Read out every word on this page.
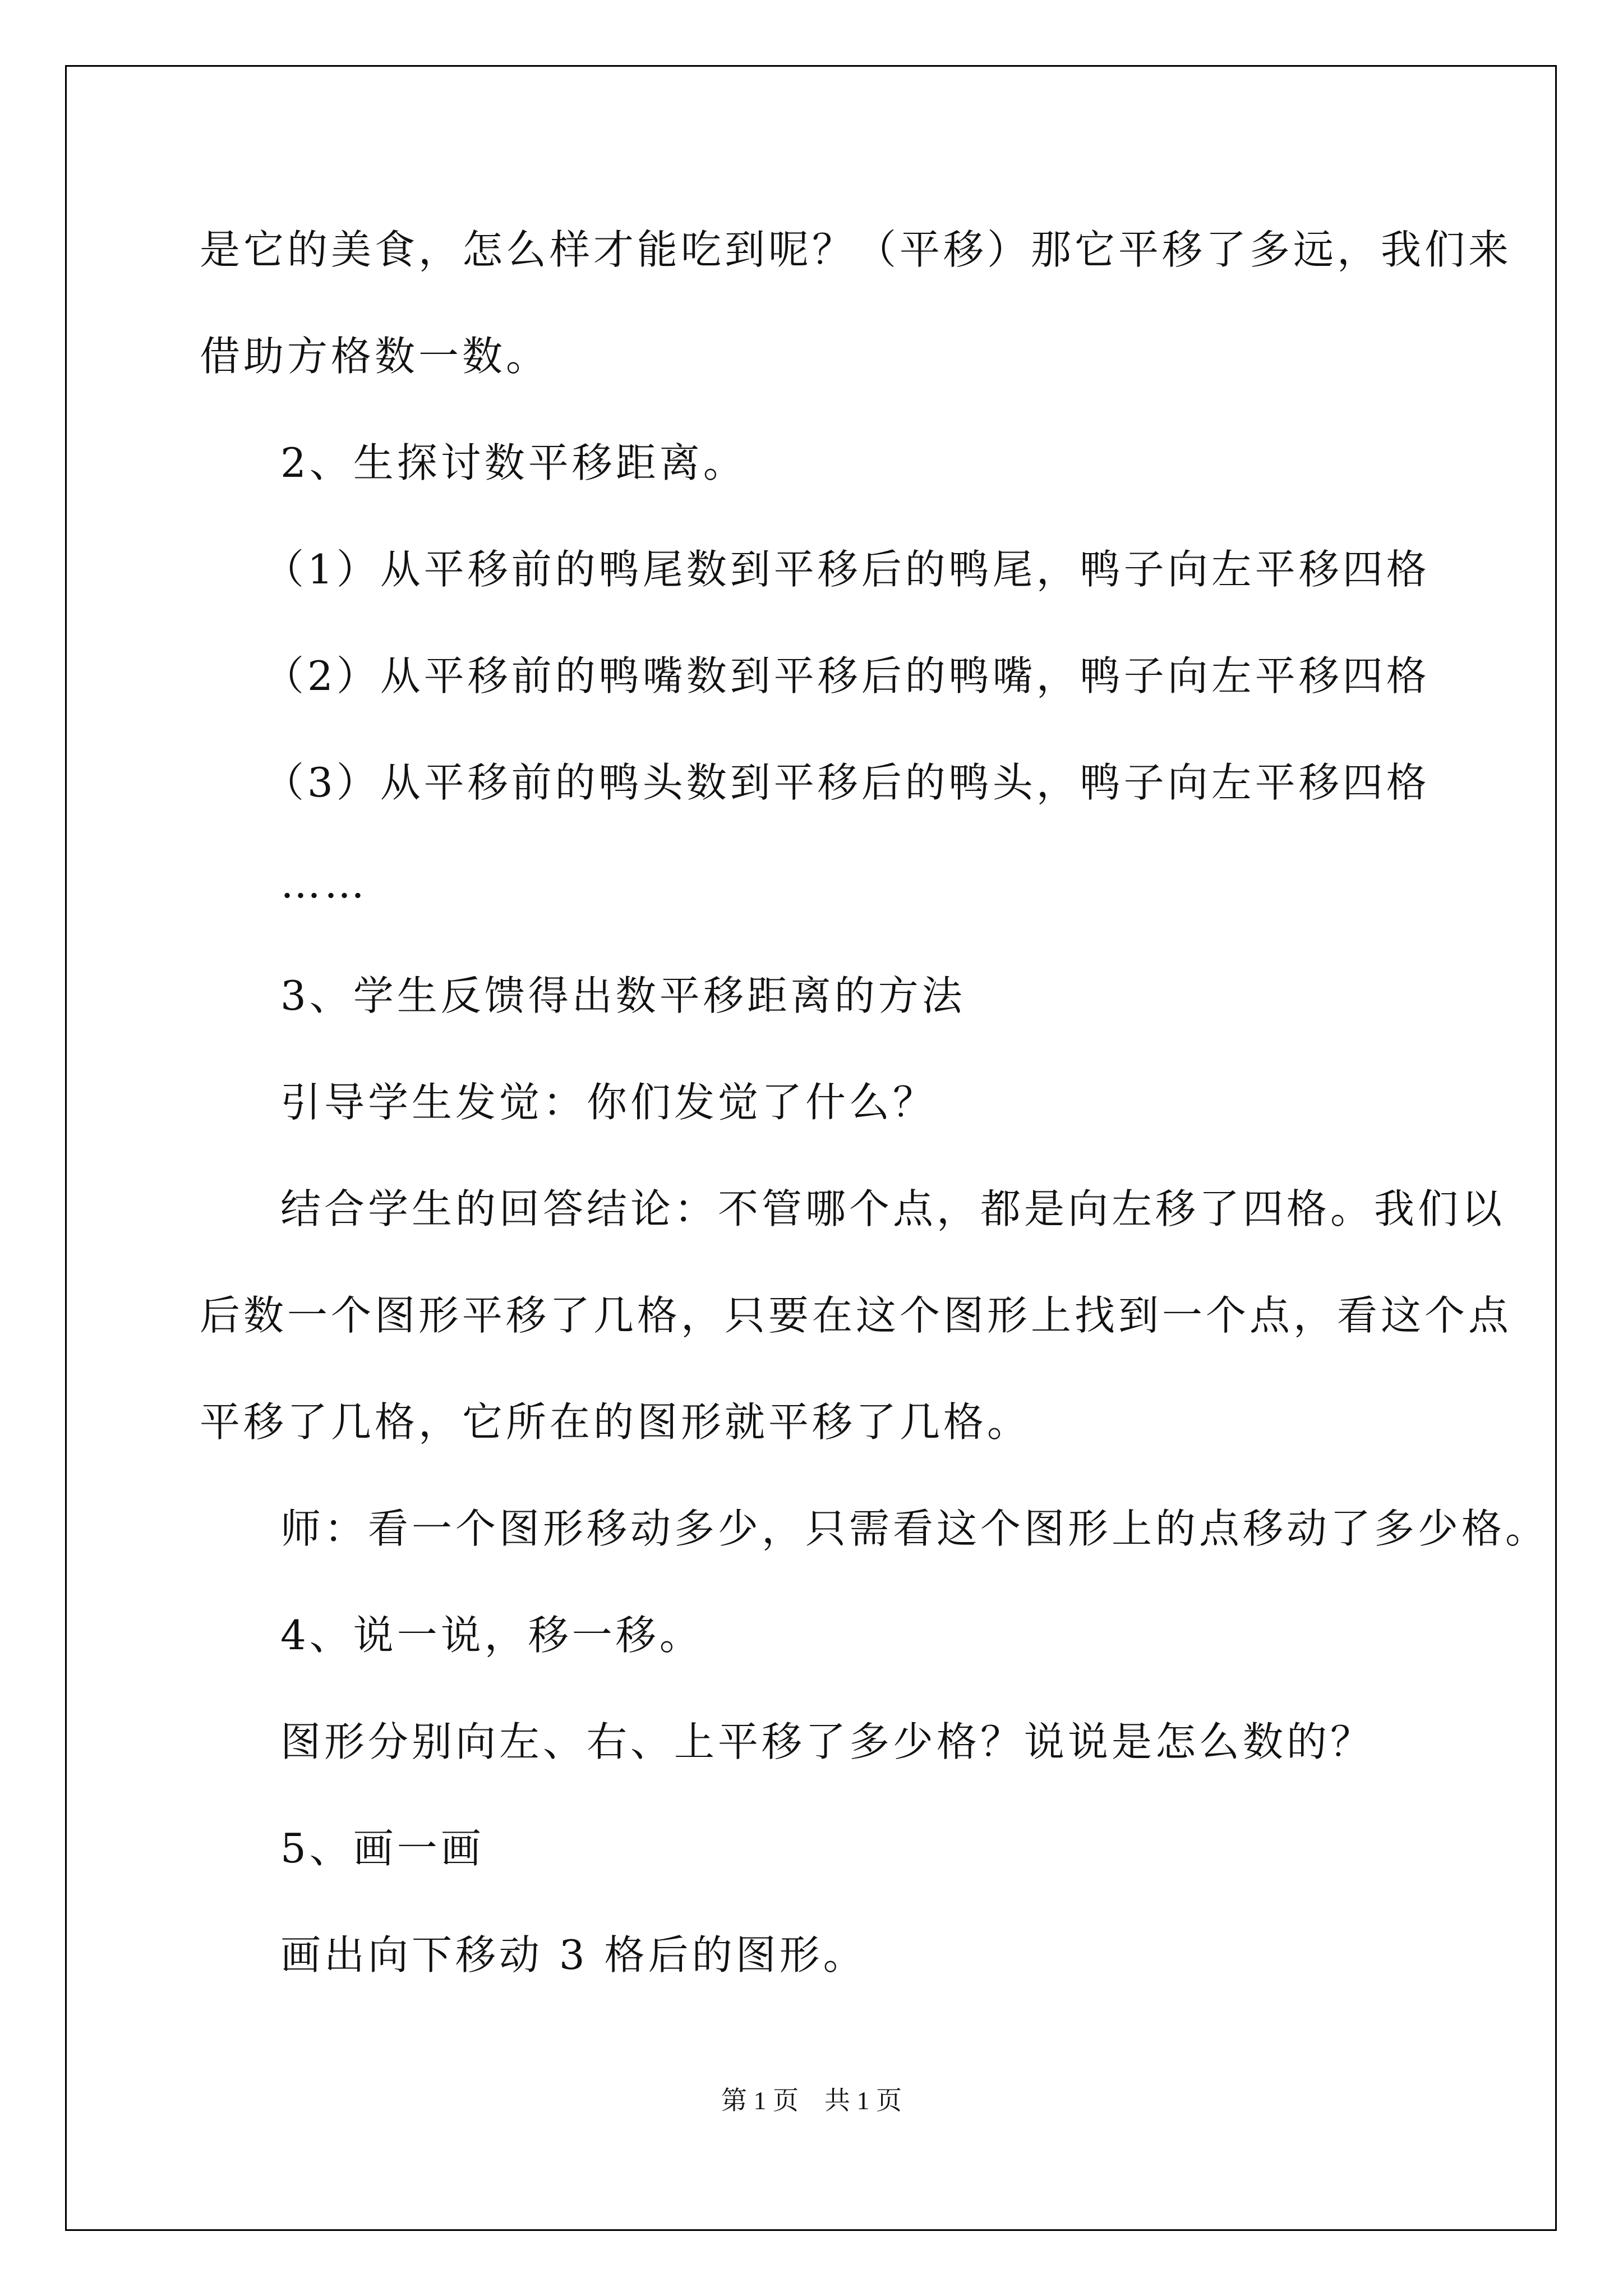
是它的美食，怎么样才能吃到呢？（平移）那它平移了多远，我们来
借助方格数一数。
2、生探讨数平移距离。
（1）从平移前的鸭尾数到平移后的鸭尾，鸭子向左平移四格
（2）从平移前的鸭嘴数到平移后的鸭嘴，鸭子向左平移四格
（3）从平移前的鸭头数到平移后的鸭头，鸭子向左平移四格
……
3、学生反馈得出数平移距离的方法
引导学生发觉：你们发觉了什么？
结合学生的回答结论：不管哪个点，都是向左移了四格。我们以
后数一个图形平移了几格，只要在这个图形上找到一个点，看这个点
平移了几格，它所在的图形就平移了几格。
师：看一个图形移动多少，只需看这个图形上的点移动了多少格。
4、说一说，移一移。
图形分别向左、右、上平移了多少格？说说是怎么数的？
5、画一画
画出向下移动 3 格后的图形。
第 1 页    共 1 页
